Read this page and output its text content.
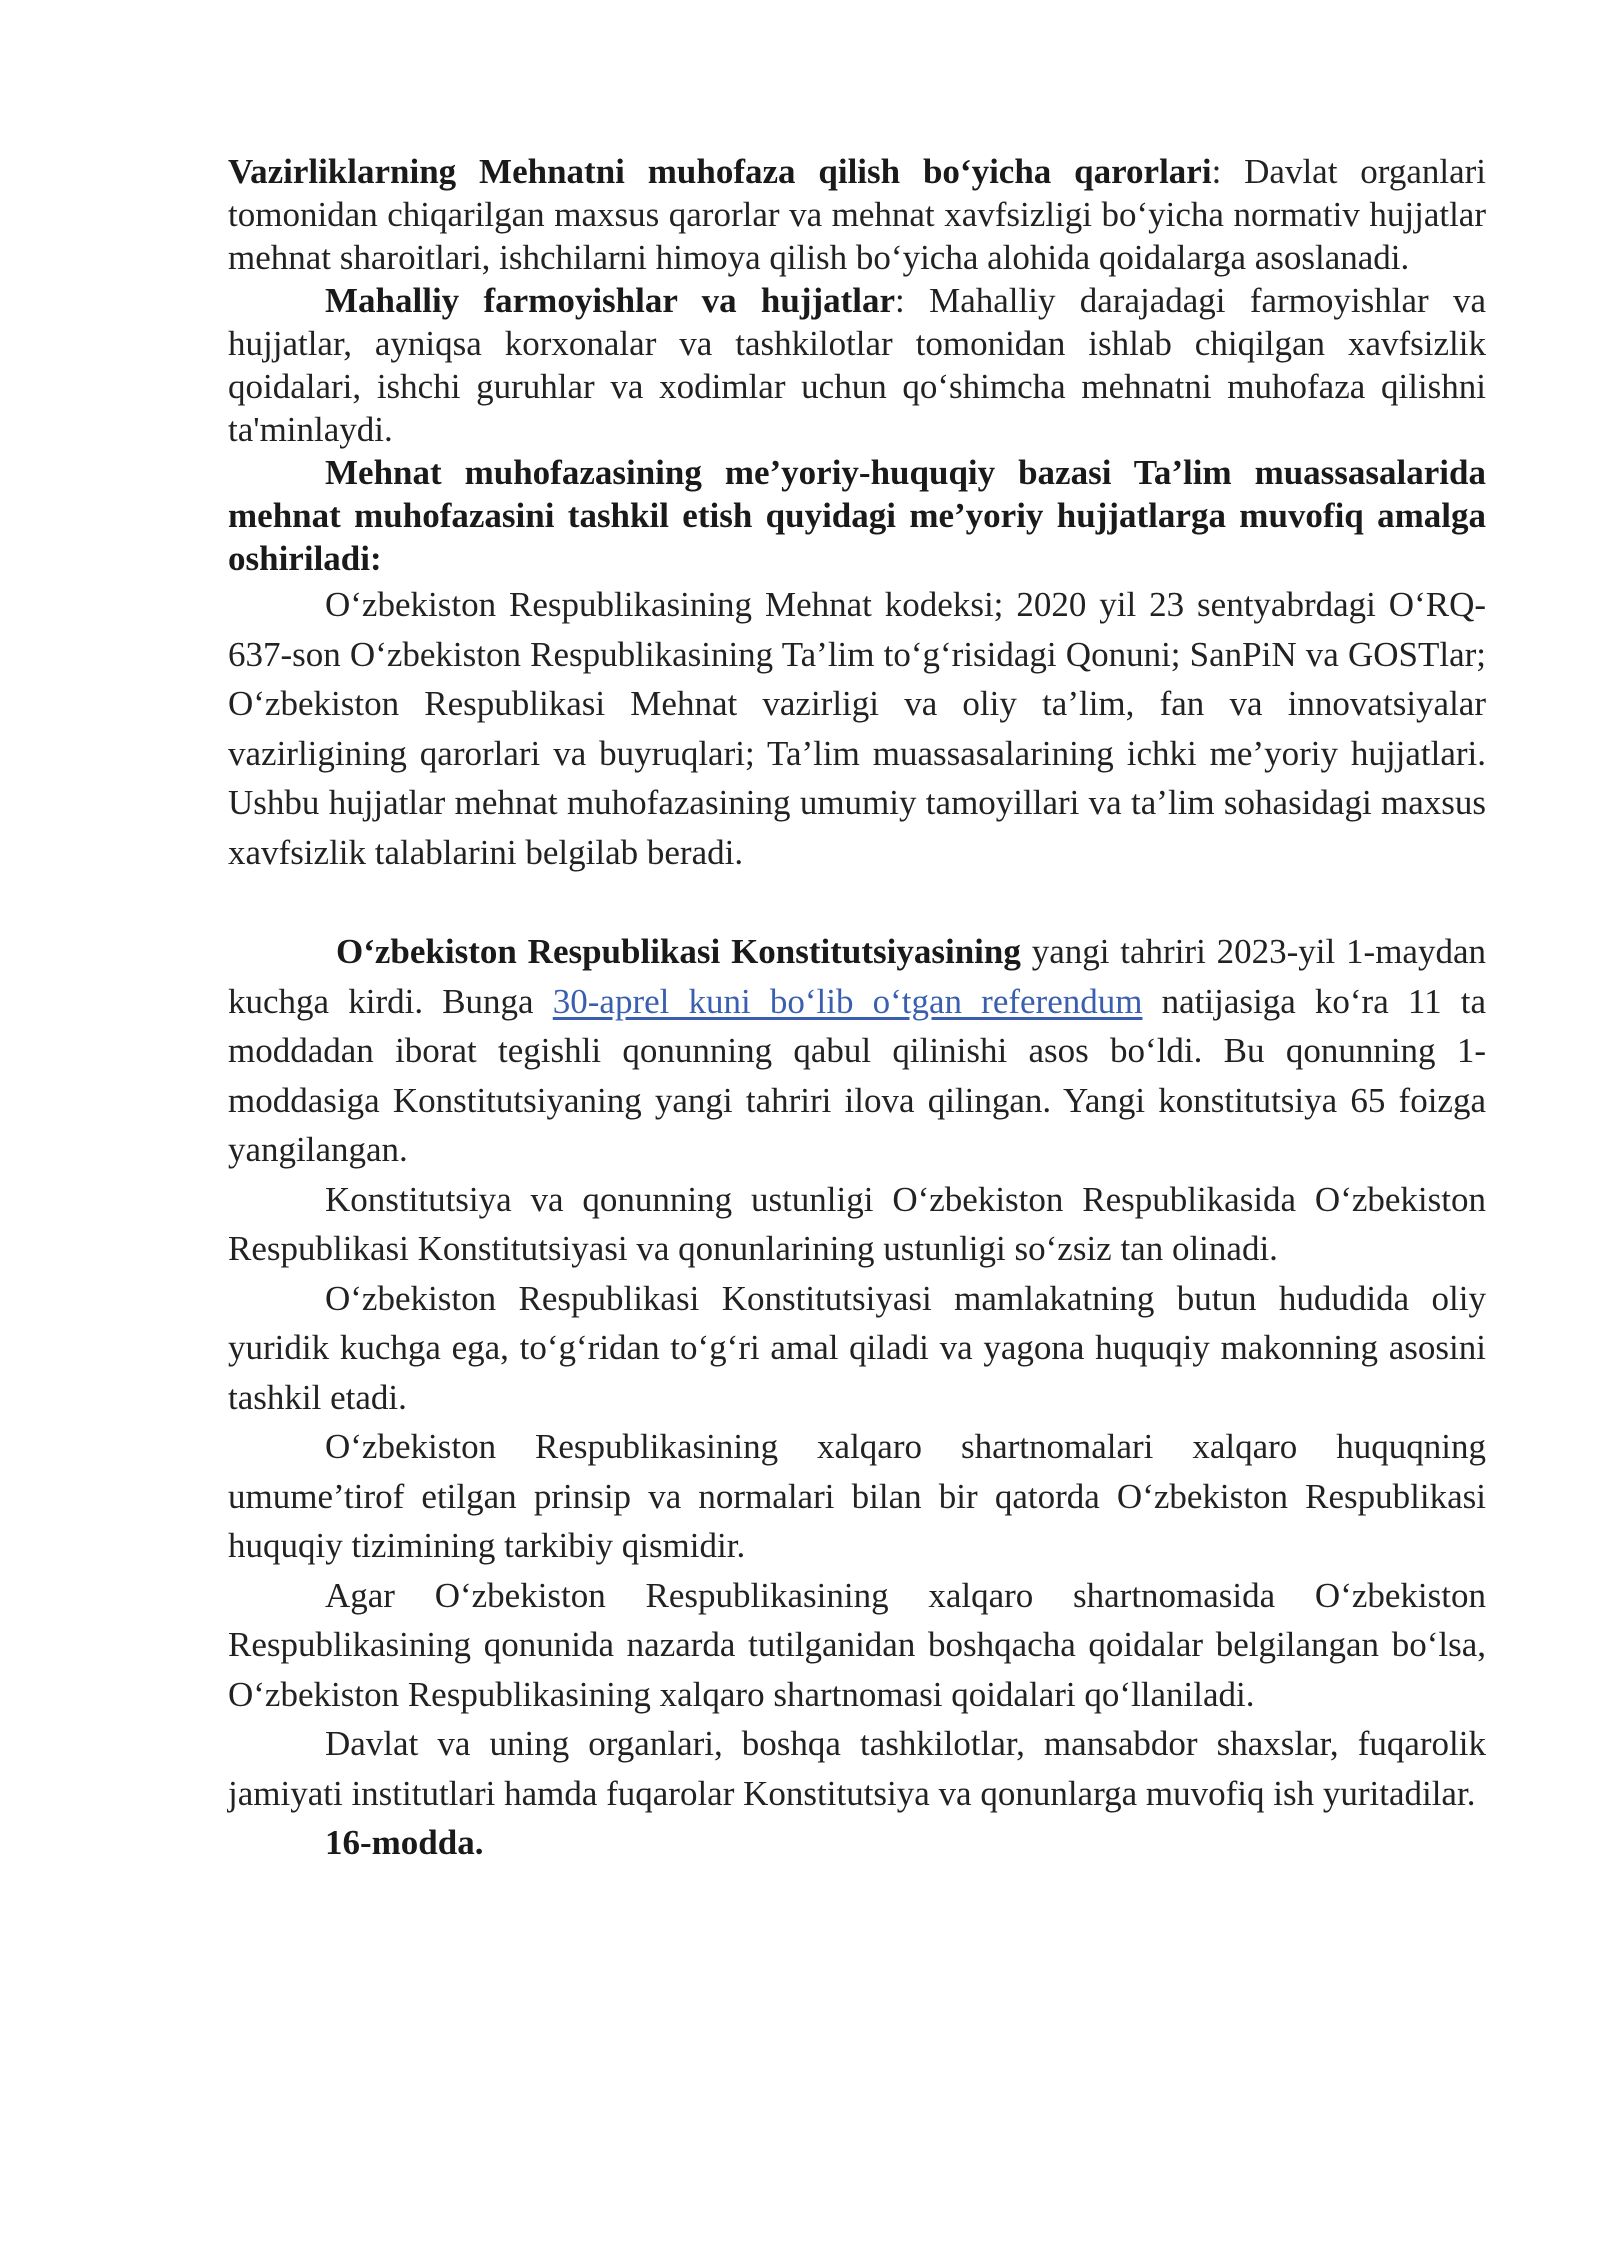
Vazirliklarning Mehnatni muhofaza qilish bo‘yicha qarorlari: Davlat organlari tomonidan chiqarilgan maxsus qarorlar va mehnat xavfsizligi bo‘yicha normativ hujjatlar mehnat sharoitlari, ishchilarni himoya qilish bo‘yicha alohida qoidalarga asoslanadi.

Mahalliy farmoyishlar va hujjatlar: Mahalliy darajadagi farmoyishlar va hujjatlar, ayniqsa korxonalar va tashkilotlar tomonidan ishlab chiqilgan xavfsizlik qoidalari, ishchi guruhlar va xodimlar uchun qo‘shimcha mehnatni muhofaza qilishni ta'minlaydi.

Mehnat muhofazasining me’yoriy-huquqiy bazasi Ta’lim muassasalarida mehnat muhofazasini tashkil etish quyidagi me’yoriy hujjatlarga muvofiq amalga oshiriladi:

O‘zbekiston Respublikasining Mehnat kodeksi; 2020 yil 23 sentyabrdagi O‘RQ-637-son O‘zbekiston Respublikasining Ta’lim to‘g‘risidagi Qonuni; SanPiN va GOSTlar; O‘zbekiston Respublikasi Mehnat vazirligi va oliy ta’lim, fan va innovatsiyalar vazirligining qarorlari va buyruqlari; Ta’lim muassasalarining ichki me’yoriy hujjatlari. Ushbu hujjatlar mehnat muhofazasining umumiy tamoyillari va ta’lim sohasidagi maxsus xavfsizlik talablarini belgilab beradi.

O‘zbekiston Respublikasi Konstitutsiyasining yangi tahriri 2023-yil 1-maydan kuchga kirdi. Bunga 30-aprel kuni bo‘lib o‘tgan referendum natijasiga ko‘ra 11 ta moddadan iborat tegishli qonunning qabul qilinishi asos bo‘ldi. Bu qonunning 1-moddasiga Konstitutsiyaning yangi tahriri ilova qilingan. Yangi konstitutsiya 65 foizga yangilangan.

Konstitutsiya va qonunning ustunligi O‘zbekiston Respublikasida O‘zbekiston Respublikasi Konstitutsiyasi va qonunlarining ustunligi so‘zsiz tan olinadi.

O‘zbekiston Respublikasi Konstitutsiyasi mamlakatning butun hududida oliy yuridik kuchga ega, to‘g‘ridan to‘g‘ri amal qiladi va yagona huquqiy makonning asosini tashkil etadi.

O‘zbekiston Respublikasining xalqaro shartnomalari xalqaro huquqning umume’tirof etilgan prinsip va normalari bilan bir qatorda O‘zbekiston Respublikasi huquqiy tizimining tarkibiy qismidir.

Agar O‘zbekiston Respublikasining xalqaro shartnomasida O‘zbekiston Respublikasining qonunida nazarda tutilganidan boshqacha qoidalar belgilangan bo‘lsa, O‘zbekiston Respublikasining xalqaro shartnomasi qoidalari qo‘llaniladi.

Davlat va uning organlari, boshqa tashkilotlar, mansabdor shaxslar, fuqarolik jamiyati institutlari hamda fuqarolar Konstitutsiya va qonunlarga muvofiq ish yuritadilar.

16-modda.
